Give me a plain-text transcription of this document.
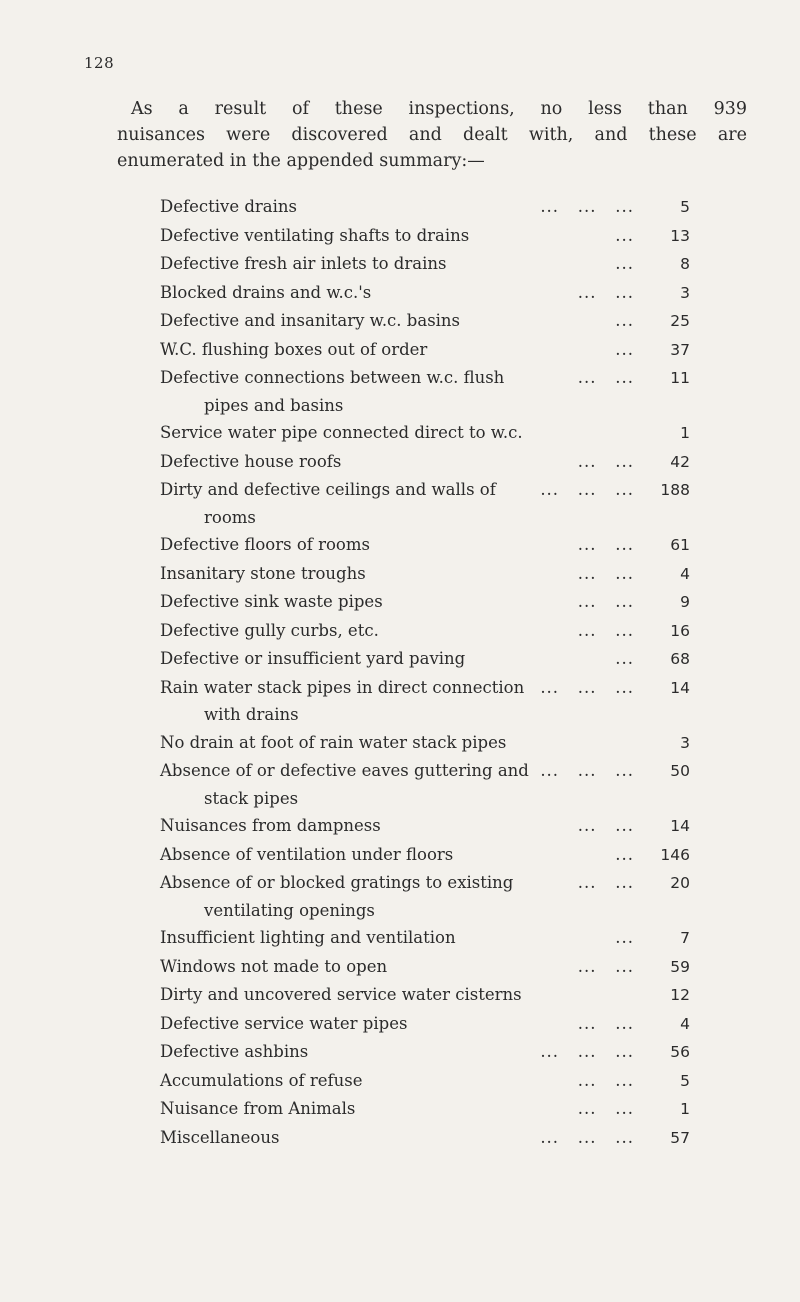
128

As a result of these inspections, no less than 939
nuisances were discovered and dealt with, and these are
enumerated in the appended summary:—

Defective drains	...   ...   ...	5
Defective ventilating shafts to drains	...	13
Defective fresh air inlets to drains	...	8
Blocked drains and w.c.'s	...   ...	3
Defective and insanitary w.c. basins	...	25
W.C. flushing boxes out of order	...	37
Defective connections between w.c. flush
pipes and basins
...   ...	11
Service water pipe connected direct to w.c.	1
Defective house roofs	...   ...	42
Dirty and defective ceilings and walls of
rooms
...   ...   ...	188
Defective floors of rooms	...   ...	61
Insanitary stone troughs	...   ...	4
Defective sink waste pipes	...   ...	9
Defective gully curbs, etc.	...   ...	16
Defective or insufficient yard paving	...	68
Rain water stack pipes in direct connection
with drains
...   ...   ...	14
No drain at foot of rain water stack pipes	3
Absence of or defective eaves guttering and
stack pipes
...   ...   ...	50
Nuisances from dampness	...   ...	14
Absence of ventilation under floors	...	146
Absence of or blocked gratings to existing
ventilating openings
...   ...	20
Insufficient lighting and ventilation	...	7
Windows not made to open	...   ...	59
Dirty and uncovered service water cisterns	12
Defective service water pipes	...   ...	4
Defective ashbins	...   ...   ...	56
Accumulations of refuse	...   ...	5
Nuisance from Animals	...   ...	1
Miscellaneous	...   ...   ...	57
